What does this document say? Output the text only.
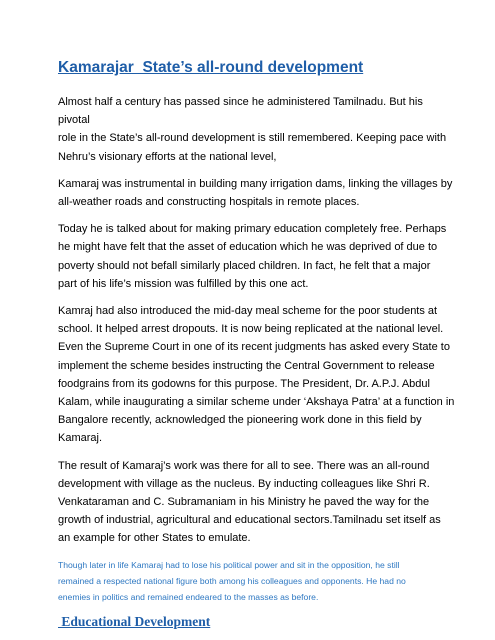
Kamarajar  State’s all-round development

Almost half a century has passed since he administered Tamilnadu. But his pivotal
role in the State’s all-round development is still remembered. Keeping pace with
Nehru’s visionary efforts at the national level,

Kamaraj was instrumental in building many irrigation dams, linking the villages by
all-weather roads and constructing hospitals in remote places.

Today he is talked about for making primary education completely free. Perhaps
he might have felt that the asset of education which he was deprived of due to
poverty should not befall similarly placed children. In fact, he felt that a major
part of his life’s mission was fulfilled by this one act.

Kamraj had also introduced the mid-day meal scheme for the poor students at
school. It helped arrest dropouts. It is now being replicated at the national level.
Even the Supreme Court in one of its recent judgments has asked every State to
implement the scheme besides instructing the Central Government to release
foodgrains from its godowns for this purpose. The President, Dr. A.P.J. Abdul
Kalam, while inaugurating a similar scheme under ‘Akshaya Patra’ at a function in
Bangalore recently, acknowledged the pioneering work done in this field by
Kamaraj.

The result of Kamaraj’s work was there for all to see. There was an all-round
development with village as the nucleus. By inducting colleagues like Shri R.
Venkataraman and C. Subramaniam in his Ministry he paved the way for the
growth of industrial, agricultural and educational sectors.Tamilnadu set itself as
an example for other States to emulate.

Though later in life Kamaraj had to lose his political power and sit in the opposition, he still
remained a respected national figure both among his colleagues and opponents. He had no
enemies in politics and remained endeared to the masses as before.

Educational Development
